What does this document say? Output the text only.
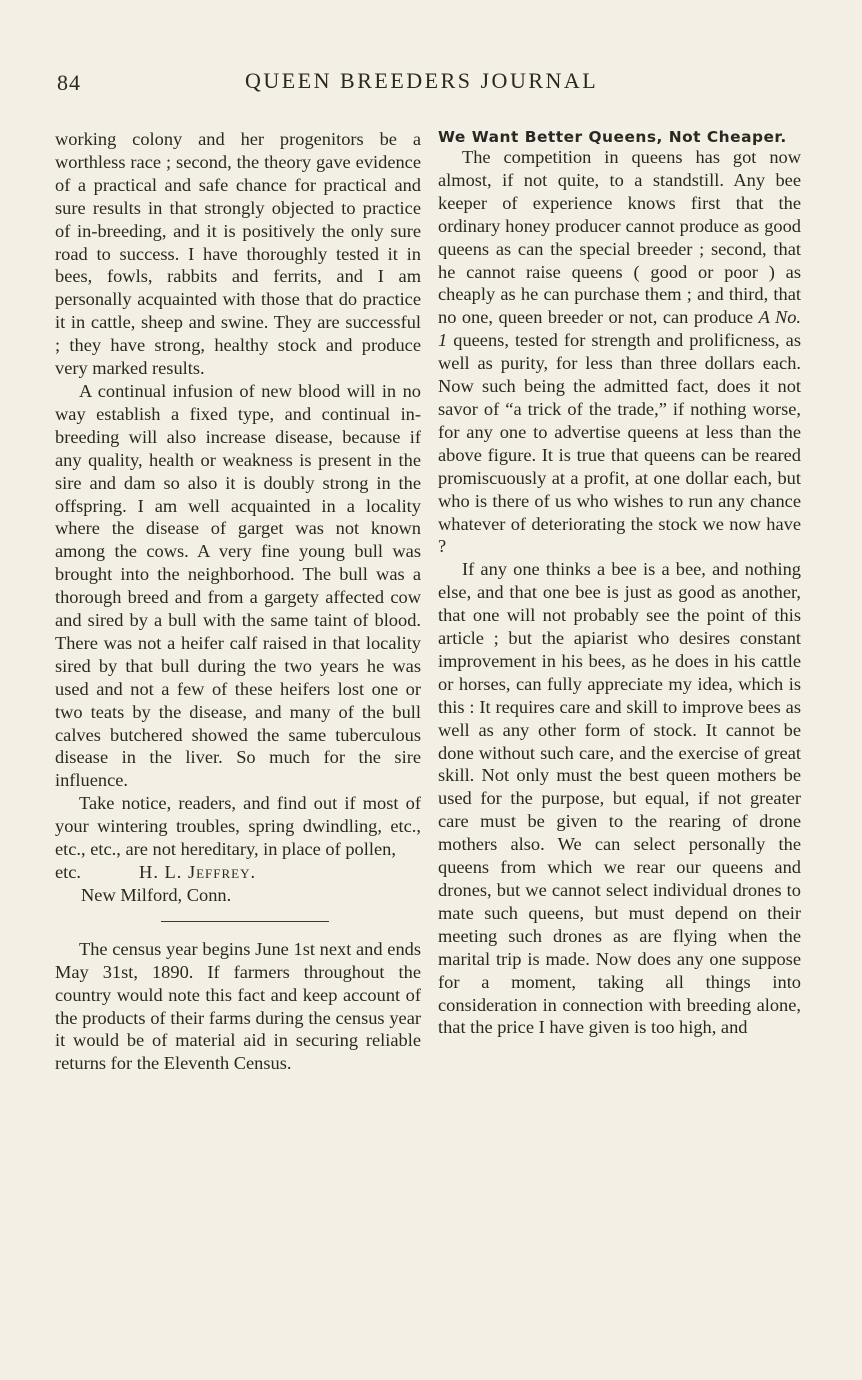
84	QUEEN BREEDERS JOURNAL

working colony and her progenitors be a worthless race ; second, the theory gave evidence of a practical and safe chance for practical and sure results in that strongly objected to practice of in-breeding, and it is positively the only sure road to success. I have thoroughly tested it in bees, fowls, rabbits and ferrits, and I am personally acquainted with those that do practice it in cattle, sheep and swine. They are successful ; they have strong, healthy stock and produce very marked results.

A continual infusion of new blood will in no way establish a fixed type, and continual in-breeding will also increase disease, because if any quality, health or weakness is present in the sire and dam so also it is doubly strong in the offspring. I am well acquainted in a locality where the disease of garget was not known among the cows. A very fine young bull was brought into the neighborhood. The bull was a thorough breed and from a gargety affected cow and sired by a bull with the same taint of blood. There was not a heifer calf raised in that locality sired by that bull during the two years he was used and not a few of these heifers lost one or two teats by the disease, and many of the bull calves butchered showed the same tuberculous disease in the liver. So much for the sire influence.

Take notice, readers, and find out if most of your wintering troubles, spring dwindling, etc., etc., etc., are not hereditary, in place of pollen,

etc.	H. L. Jeffrey.

New Milford, Conn.

The census year begins June 1st next and ends May 31st, 1890. If farmers throughout the country would note this fact and keep account of the products of their farms during the census year it would be of material aid in securing reliable returns for the Eleventh Census.

We Want Better Queens, Not Cheaper.

The competition in queens has got now almost, if not quite, to a standstill. Any bee keeper of experience knows first that the ordinary honey producer cannot produce as good queens as can the special breeder ; second, that he cannot raise queens ( good or poor ) as cheaply as he can purchase them ; and third, that no one, queen breeder or not, can produce A No. 1 queens, tested for strength and prolificness, as well as purity, for less than three dollars each. Now such being the admitted fact, does it not savor of “a trick of the trade,” if nothing worse, for any one to advertise queens at less than the above figure. It is true that queens can be reared promiscuously at a profit, at one dollar each, but who is there of us who wishes to run any chance whatever of deteriorating the stock we now have ?

If any one thinks a bee is a bee, and nothing else, and that one bee is just as good as another, that one will not probably see the point of this article ; but the apiarist who desires constant improvement in his bees, as he does in his cattle or horses, can fully appreciate my idea, which is this : It requires care and skill to improve bees as well as any other form of stock. It cannot be done without such care, and the exercise of great skill. Not only must the best queen mothers be used for the purpose, but equal, if not greater care must be given to the rearing of drone mothers also. We can select personally the queens from which we rear our queens and drones, but we cannot select individual drones to mate such queens, but must depend on their meeting such drones as are flying when the marital trip is made. Now does any one suppose for a moment, taking all things into consideration in connection with breeding alone, that the price I have given is too high, and
